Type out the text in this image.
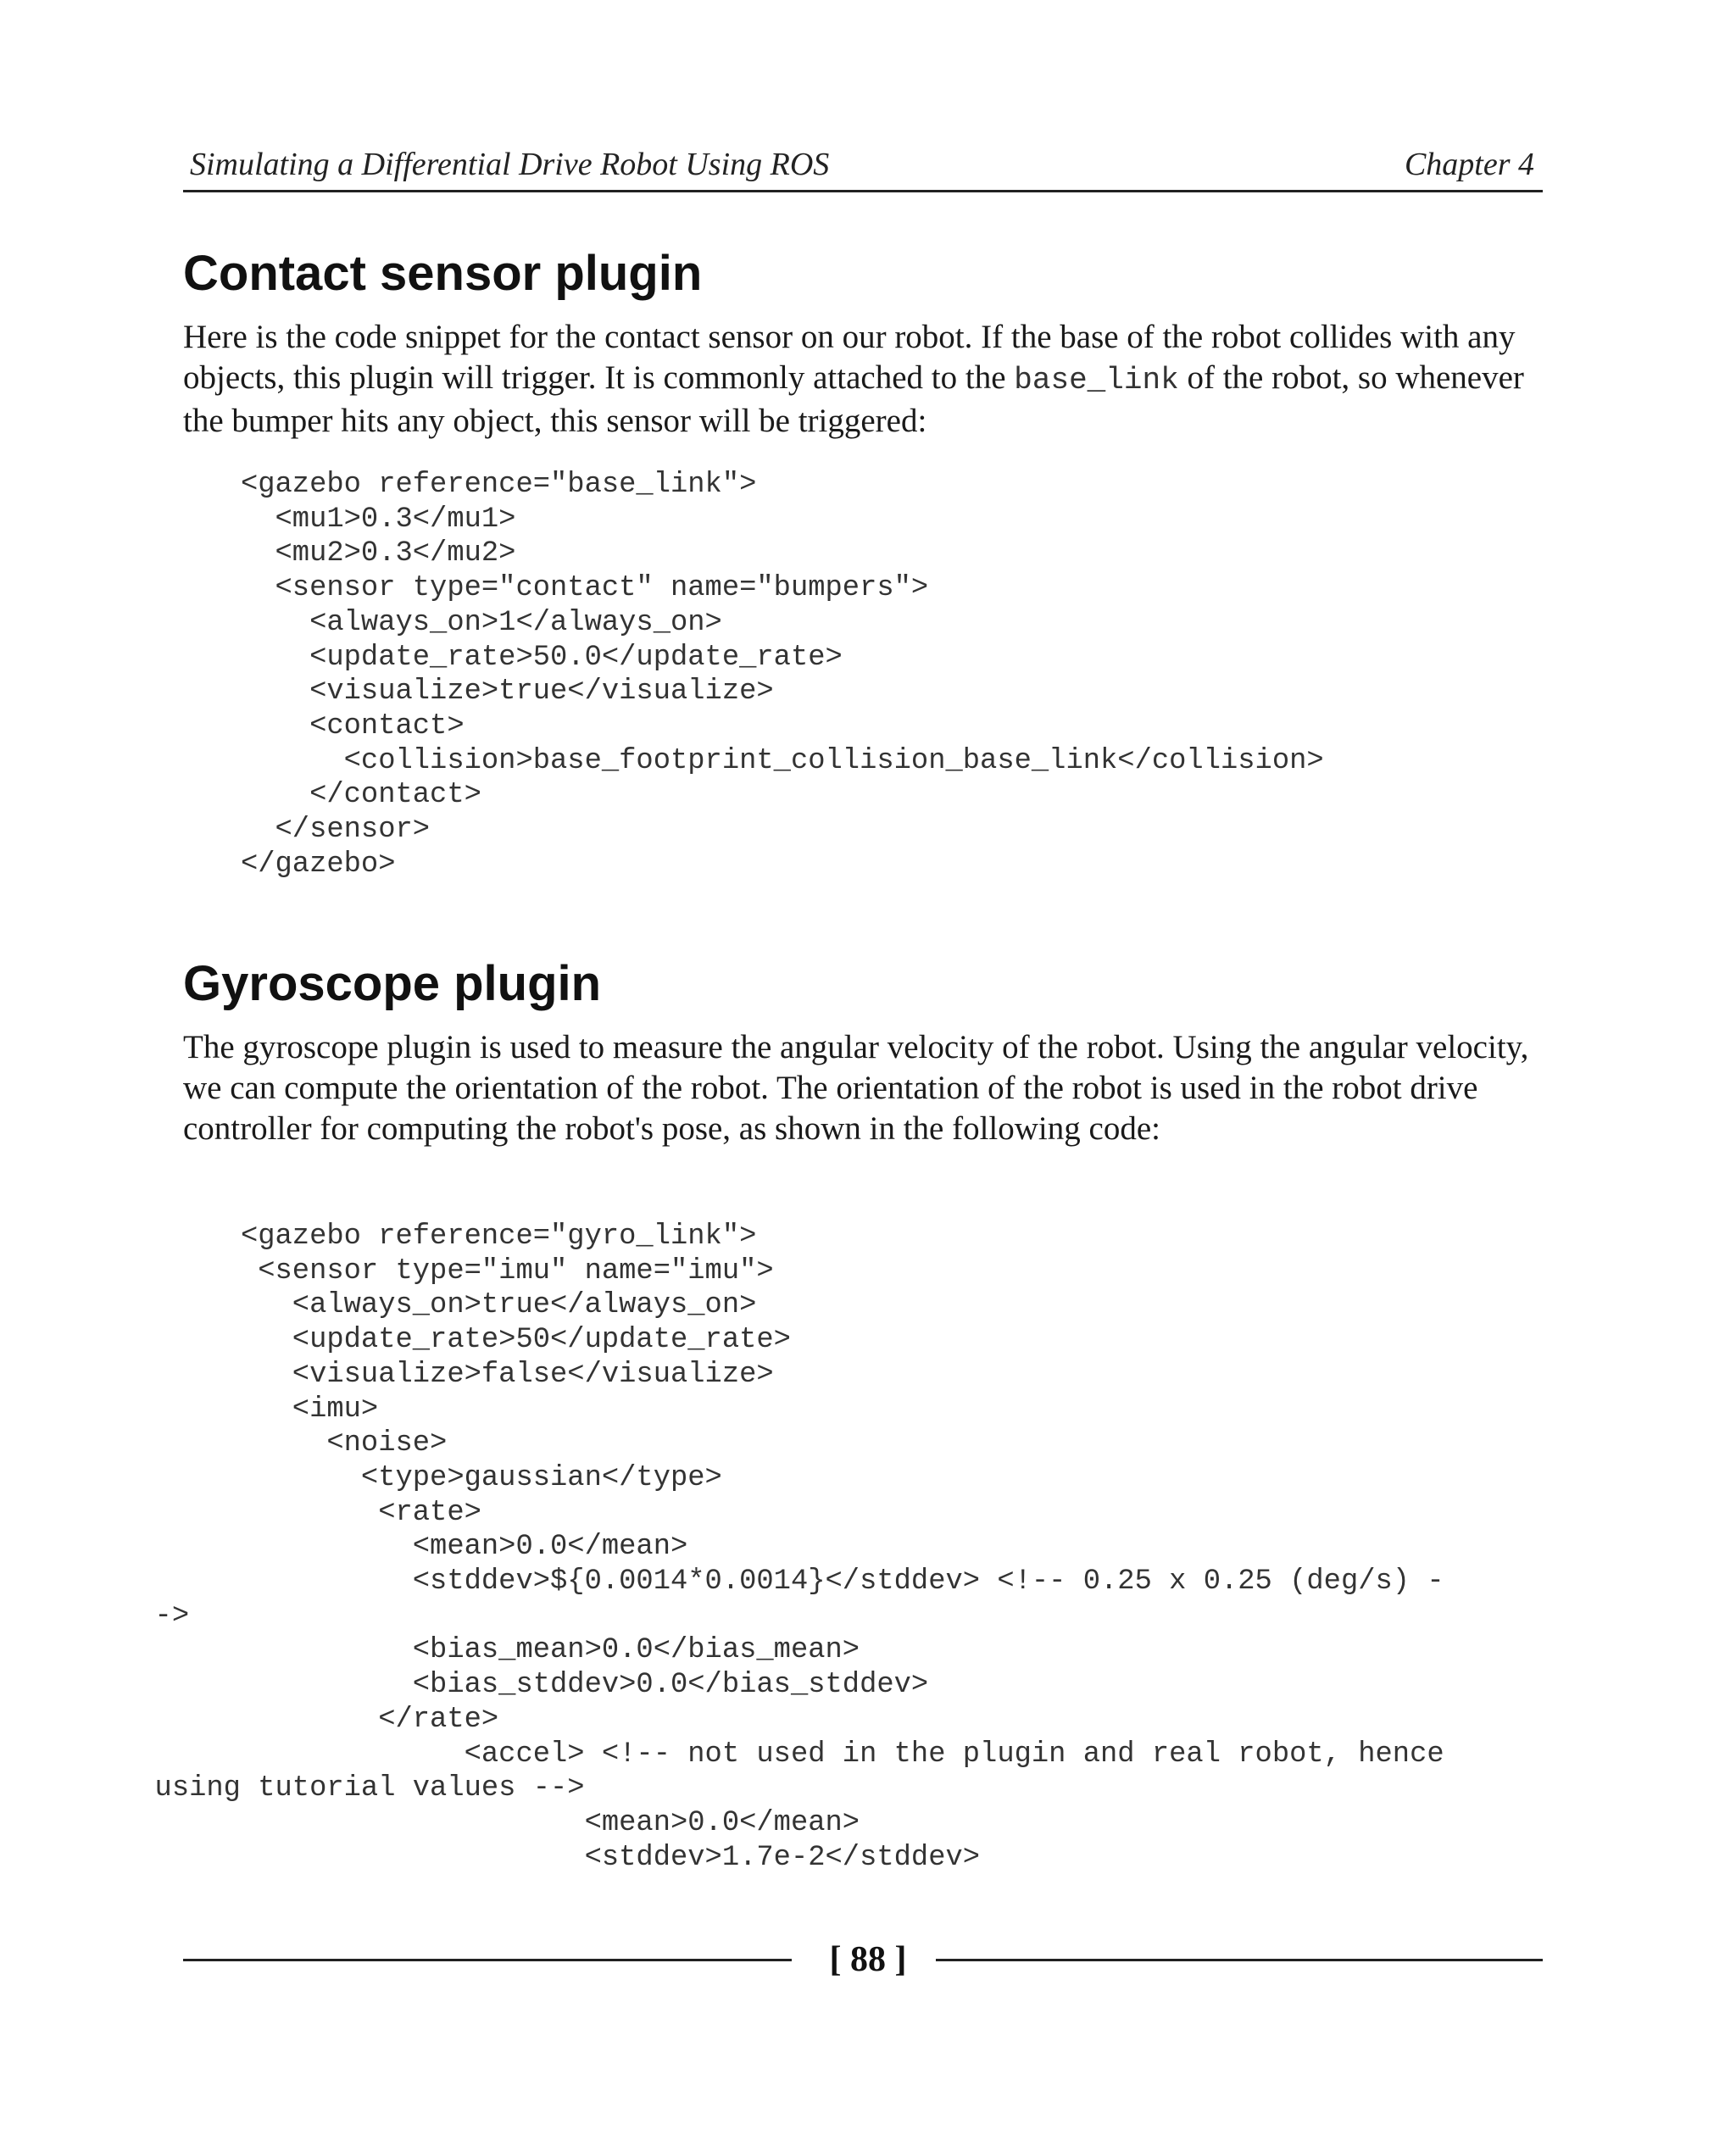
Simulating a Differential Drive Robot Using ROS	Chapter 4
Contact sensor plugin

Here is the code snippet for the contact sensor on our robot. If the base of the robot collides with any objects, this plugin will trigger. It is commonly attached to the base_link of the robot, so whenever the bumper hits any object, this sensor will be triggered:

<gazebo reference="base_link">
<mu1>0.3</mu1>
<mu2>0.3</mu2>
<sensor type="contact" name="bumpers">
<always_on>1</always_on>
<update_rate>50.0</update_rate>
<visualize>true</visualize>
<contact>
<collision>base_footprint_collision_base_link</collision>
</contact>
</sensor>
</gazebo>
Gyroscope plugin

The gyroscope plugin is used to measure the angular velocity of the robot. Using the angular velocity, we can compute the orientation of the robot. The orientation of the robot is used in the robot drive controller for computing the robot's pose, as shown in the following code:

<gazebo reference="gyro_link">
<sensor type="imu" name="imu">
<always_on>true</always_on>
<update_rate>50</update_rate>
<visualize>false</visualize>
<imu>
<noise>
<type>gaussian</type>
<rate>
<mean>0.0</mean>
<stddev>${0.0014*0.0014}</stddev> <!-- 0.25 x 0.25 (deg/s) -
->
<bias_mean>0.0</bias_mean>
<bias_stddev>0.0</bias_stddev>
</rate>
<accel> <!-- not used in the plugin and real robot, hence
using tutorial values -->
<mean>0.0</mean>
<stddev>1.7e-2</stddev>
[ 88 ]
